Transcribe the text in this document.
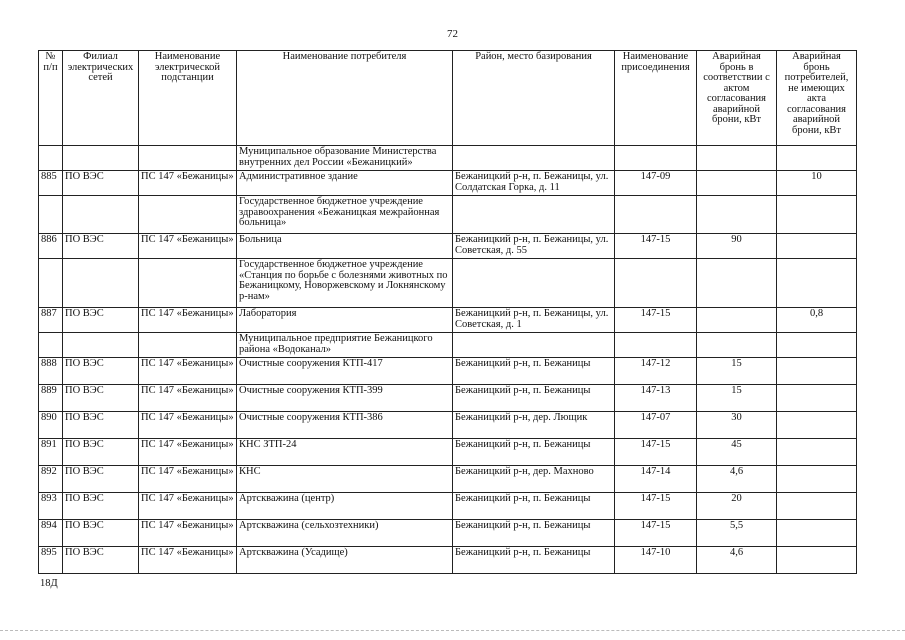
72
№ п/п	Филиал электрических сетей	Наименование электрической подстанции	Наименование потребителя	Район, место базирования	Наименование присоединения	Аварийная бронь в соответствии с актом согласования аварийной брони, кВт	Аварийная бронь потребителей, не имеющих акта согласования аварийной брони, кВт
			Муниципальное образование Министерства внутренних дел России «Бежаницкий»				
885	ПО ВЭС	ПС 147 «Бежаницы»	Административное здание	Бежаницкий р-н, п. Бежаницы, ул. Солдатская Горка, д. 11	147-09		10
			Государственное бюджетное учреждение здравоохранения «Бежаницкая межрайонная больница»				
886	ПО ВЭС	ПС 147 «Бежаницы»	Больница	Бежаницкий р-н, п. Бежаницы, ул. Советская, д. 55	147-15	90	
			Государственное бюджетное учреждение «Станция по борьбе с болезнями животных по Бежаницкому, Новоржевскому и Локнянскому р-нам»				
887	ПО ВЭС	ПС 147 «Бежаницы»	Лаборатория	Бежаницкий р-н, п. Бежаницы, ул. Советская, д. 1	147-15		0,8
			Муниципальное предприятие Бежаницкого района «Водоканал»				
888	ПО ВЭС	ПС 147 «Бежаницы»	Очистные сооружения КТП-417	Бежаницкий р-н, п. Бежаницы	147-12	15	
889	ПО ВЭС	ПС 147 «Бежаницы»	Очистные сооружения КТП-399	Бежаницкий р-н, п. Бежаницы	147-13	15	
890	ПО ВЭС	ПС 147 «Бежаницы»	Очистные сооружения КТП-386	Бежаницкий р-н, дер. Лющик	147-07	30	
891	ПО ВЭС	ПС 147 «Бежаницы»	КНС ЗТП-24	Бежаницкий р-н, п. Бежаницы	147-15	45	
892	ПО ВЭС	ПС 147 «Бежаницы»	КНС	Бежаницкий р-н, дер. Махново	147-14	4,6	
893	ПО ВЭС	ПС 147 «Бежаницы»	Артскважина (центр)	Бежаницкий р-н, п. Бежаницы	147-15	20	
894	ПО ВЭС	ПС 147 «Бежаницы»	Артскважина (сельхозтехники)	Бежаницкий р-н, п. Бежаницы	147-15	5,5	
895	ПО ВЭС	ПС 147 «Бежаницы»	Артскважина (Усадище)	Бежаницкий р-н, п. Бежаницы	147-10	4,6	
18Д
